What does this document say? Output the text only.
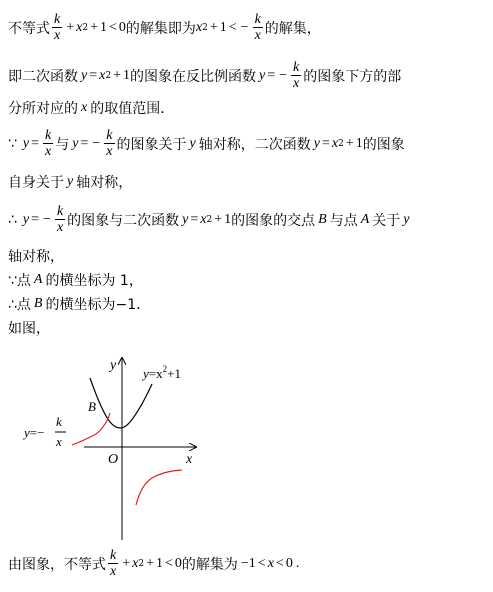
不等式 $\frac{k}{x} + x$ 2 + 1 < 0 的解集即为 x 2 + 1 < − $\frac{k}{x}$ 的解集，
即二次函数 y = x 2 + 1 的图象在反比例函数 y = − $\frac{k}{x}$ 的图象下方的部
分所对应的 x 的取值范围．
∵ $y = \frac{k}{x}$ 与 y = − $\frac{k}{x}$ 的图象关于 y 轴对称，二次函数 y = x 2 + 1 的图象
自身关于 y 轴对称，
∴ y = − $\frac{k}{x}$ 的图象与二次函数 y = x 2 + 1 的图象的交点 B 与点 A 关于 y
轴对称，
∵点 A 的横坐标为 1，
∴点 B 的横坐标为−1．
如图，
y
x
O
B
$y=x^2+1$
y=−
k
x
由图象，不等式 $\frac{k}{x} + x$ 2 + 1 < 0 的解集为 −1 < x < 0 .
